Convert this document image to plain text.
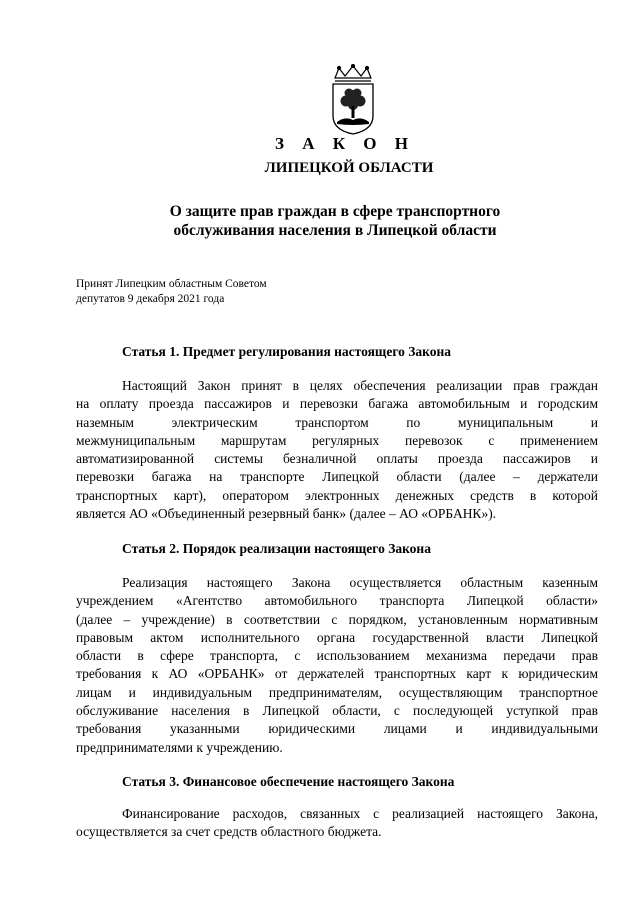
З А К О Н
ЛИПЕЦКОЙ ОБЛАСТИ
О защите прав граждан в сфере транспортного
обслуживания населения в Липецкой области
Принят Липецким областным Советом
депутатов 9 декабря 2021 года
Статья 1. Предмет регулирования настоящего Закона
Настоящий Закон принят в целях обеспечения реализации прав граждан
на оплату проезда пассажиров и перевозки багажа автомобильным и городским
наземным электрическим транспортом по муниципальным и
межмуниципальным маршрутам регулярных перевозок с применением
автоматизированной системы безналичной оплаты проезда пассажиров и
перевозки багажа на транспорте Липецкой области (далее – держатели
транспортных карт), оператором электронных денежных средств в которой
является АО «Объединенный резервный банк» (далее – АО «ОРБАНК»).
Статья 2. Порядок реализации настоящего Закона
Реализация настоящего Закона осуществляется областным казенным
учреждением «Агентство автомобильного транспорта Липецкой области»
(далее – учреждение) в соответствии с порядком, установленным нормативным
правовым актом исполнительного органа государственной власти Липецкой
области в сфере транспорта, с использованием механизма передачи прав
требования к АО «ОРБАНК» от держателей транспортных карт к юридическим
лицам и индивидуальным предпринимателям, осуществляющим транспортное
обслуживание населения в Липецкой области, с последующей уступкой прав
требования указанными юридическими лицами и индивидуальными
предпринимателями к учреждению.
Статья 3. Финансовое обеспечение настоящего Закона
Финансирование расходов, связанных с реализацией настоящего Закона,
осуществляется за счет средств областного бюджета.
